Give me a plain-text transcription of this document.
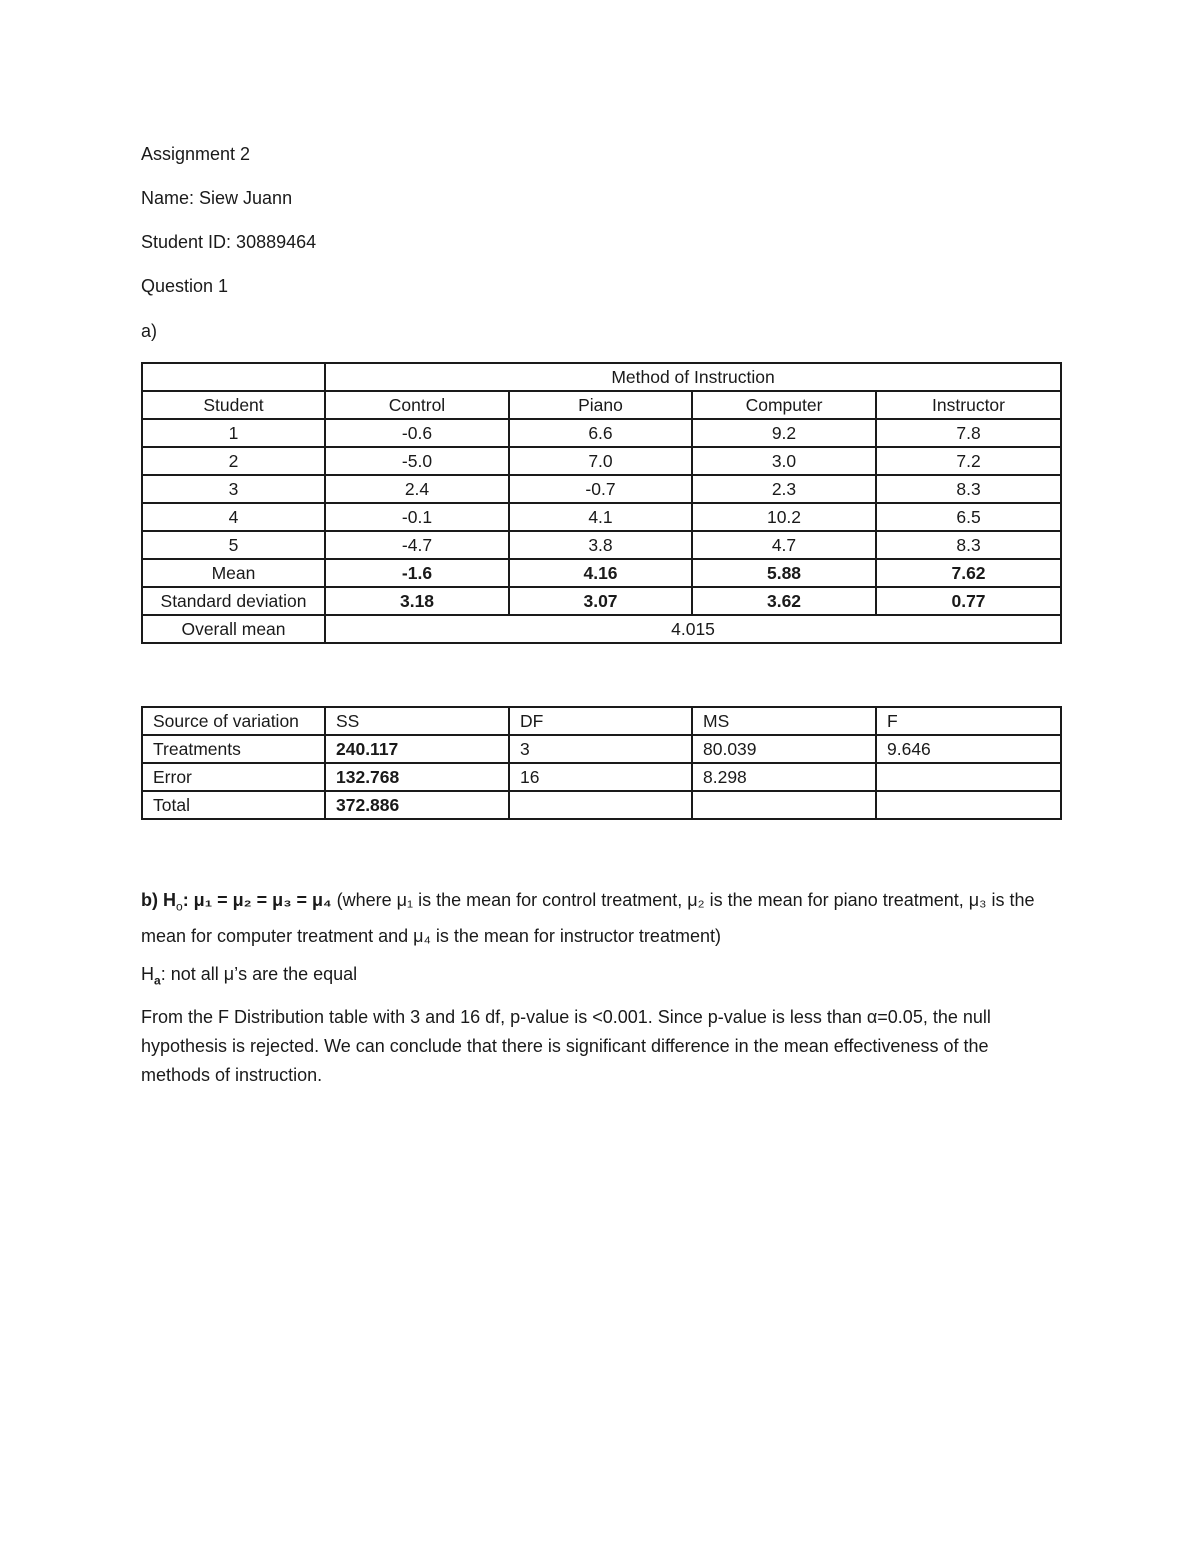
Assignment 2
Name: Siew Juann
Student ID: 30889464
Question 1
a)
	Method of Instruction			
Student	Control	Piano	Computer	Instructor
1	-0.6	6.6	9.2	7.8
2	-5.0	7.0	3.0	7.2
3	2.4	-0.7	2.3	8.3
4	-0.1	4.1	10.2	6.5
5	-4.7	3.8	4.7	8.3
Mean	-1.6	4.16	5.88	7.62
Standard deviation	3.18	3.07	3.62	0.77
Overall mean	4.015			
Source of variation	SS	DF	MS	F
Treatments	240.117	3	80.039	9.646
Error	132.768	16	8.298	
Total	372.886			
b) $H_o$: μ₁ = μ₂ = μ₃ = μ₄ (where μ₁ is the mean for control treatment, μ₂ is the mean for piano treatment, μ₃ is the mean for computer treatment and μ₄ is the mean for instructor treatment)
$H_a$: not all μ’s are the equal
From the F Distribution table with 3 and 16 df, p-value is <0.001. Since p-value is less than α=0.05, the null hypothesis is rejected. We can conclude that there is significant difference in the mean effectiveness of the methods of instruction.
